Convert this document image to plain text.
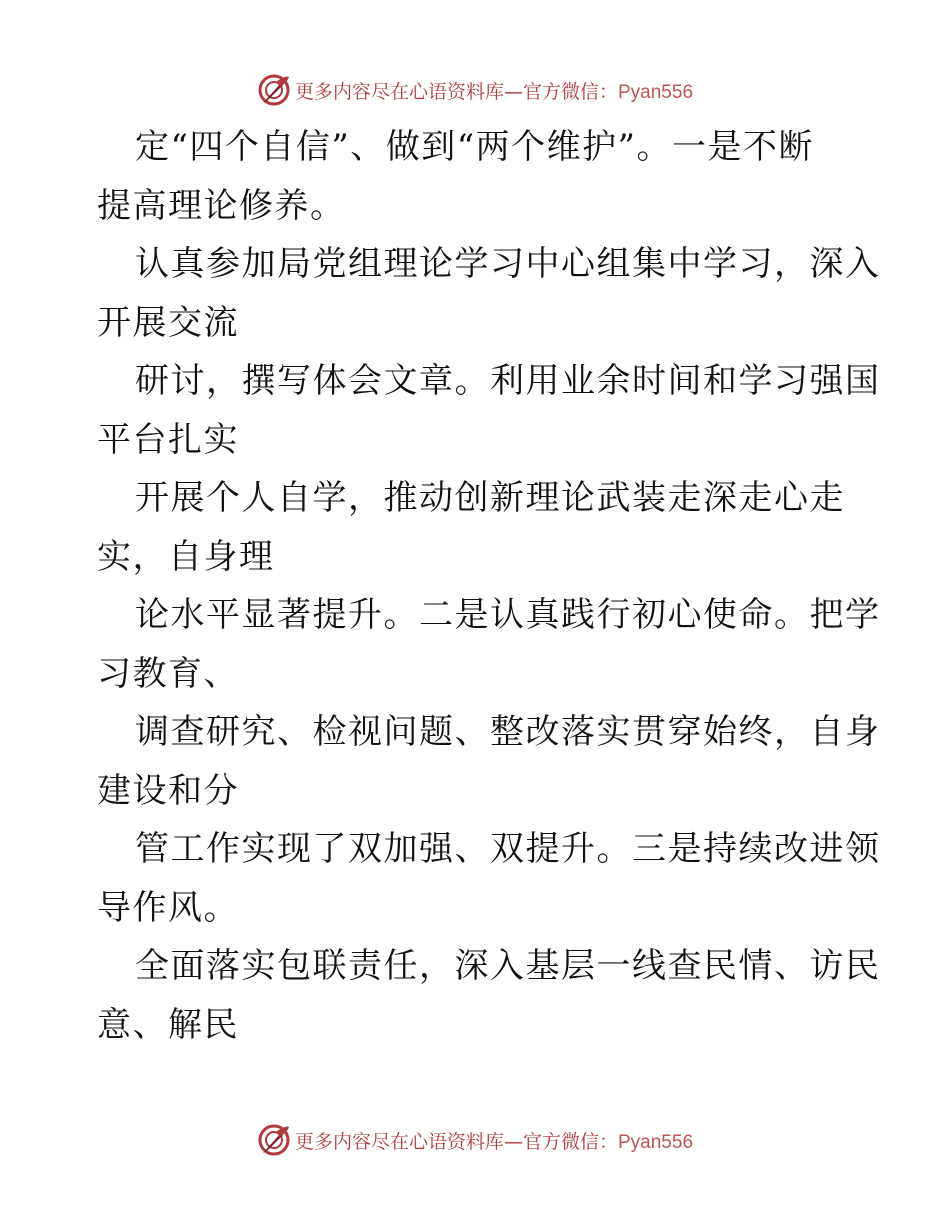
更多内容尽在心语资料库—官方微信：Pyan556
定“四个自信”、做到“两个维护”。一是不断
提高理论修养。
认真参加局党组理论学习中心组集中学习，深入
开展交流
研讨，撰写体会文章。利用业余时间和学习强国
平台扎实
开展个人自学，推动创新理论武装走深走心走
实，自身理
论水平显著提升。二是认真践行初心使命。把学
习教育、
调查研究、检视问题、整改落实贯穿始终，自身
建设和分
管工作实现了双加强、双提升。三是持续改进领
导作风。
全面落实包联责任，深入基层一线查民情、访民
意、解民
更多内容尽在心语资料库—官方微信：Pyan556
